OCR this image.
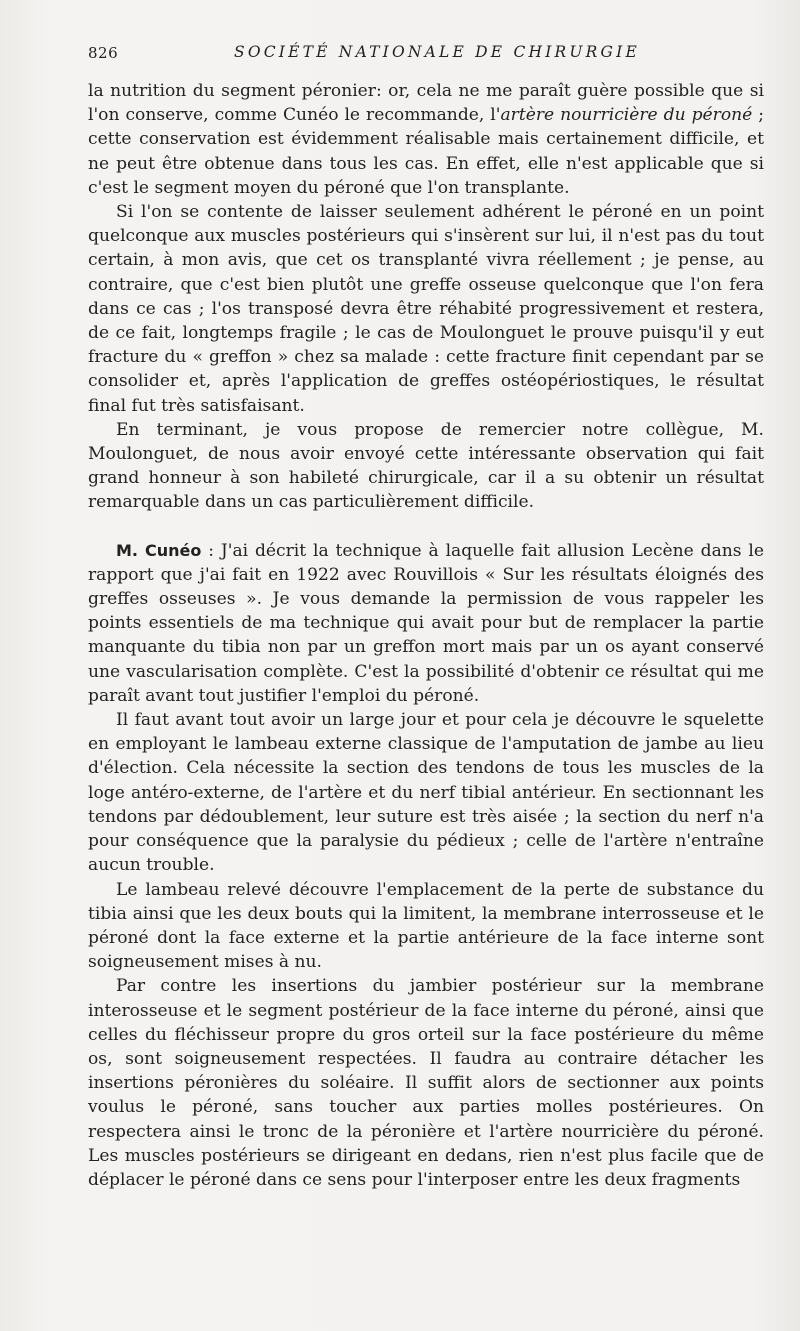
826	SOCIÉTÉ NATIONALE DE CHIRURGIE

la nutrition du segment péronier: or, cela ne me paraît guère possible que si l'on conserve, comme Cunéo le recommande, l'artère nourricière du péroné ; cette conservation est évidemment réalisable mais certainement difficile, et ne peut être obtenue dans tous les cas. En effet, elle n'est applicable que si c'est le segment moyen du péroné que l'on transplante.

Si l'on se contente de laisser seulement adhérent le péroné en un point quelconque aux muscles postérieurs qui s'insèrent sur lui, il n'est pas du tout certain, à mon avis, que cet os transplanté vivra réellement ; je pense, au contraire, que c'est bien plutôt une greffe osseuse quelconque que l'on fera dans ce cas ; l'os transposé devra être réhabité progressivement et restera, de ce fait, longtemps fragile ; le cas de Moulonguet le prouve puisqu'il y eut fracture du « greffon » chez sa malade : cette fracture finit cependant par se consolider et, après l'application de greffes ostéopériostiques, le résultat final fut très satisfaisant.

En terminant, je vous propose de remercier notre collègue, M. Moulonguet, de nous avoir envoyé cette intéressante observation qui fait grand honneur à son habileté chirurgicale, car il a su obtenir un résultat remarquable dans un cas particulièrement difficile.

M. Cunéo : J'ai décrit la technique à laquelle fait allusion Lecène dans le rapport que j'ai fait en 1922 avec Rouvillois « Sur les résultats éloignés des greffes osseuses ». Je vous demande la permission de vous rappeler les points essentiels de ma technique qui avait pour but de remplacer la partie manquante du tibia non par un greffon mort mais par un os ayant conservé une vascularisation complète. C'est la possibilité d'obtenir ce résultat qui me paraît avant tout justifier l'emploi du péroné.

Il faut avant tout avoir un large jour et pour cela je découvre le squelette en employant le lambeau externe classique de l'amputation de jambe au lieu d'élection. Cela nécessite la section des tendons de tous les muscles de la loge antéro-externe, de l'artère et du nerf tibial antérieur. En sectionnant les tendons par dédoublement, leur suture est très aisée ; la section du nerf n'a pour conséquence que la paralysie du pédieux ; celle de l'artère n'entraîne aucun trouble.

Le lambeau relevé découvre l'emplacement de la perte de substance du tibia ainsi que les deux bouts qui la limitent, la membrane interrosseuse et le péroné dont la face externe et la partie antérieure de la face interne sont soigneusement mises à nu.

Par contre les insertions du jambier postérieur sur la membrane interosseuse et le segment postérieur de la face interne du péroné, ainsi que celles du fléchisseur propre du gros orteil sur la face postérieure du même os, sont soigneusement respectées. Il faudra au contraire détacher les insertions péronières du soléaire. Il suffit alors de sectionner aux points voulus le péroné, sans toucher aux parties molles postérieures. On respectera ainsi le tronc de la péronière et l'artère nourricière du péroné. Les muscles postérieurs se dirigeant en dedans, rien n'est plus facile que de déplacer le péroné dans ce sens pour l'interposer entre les deux fragments
